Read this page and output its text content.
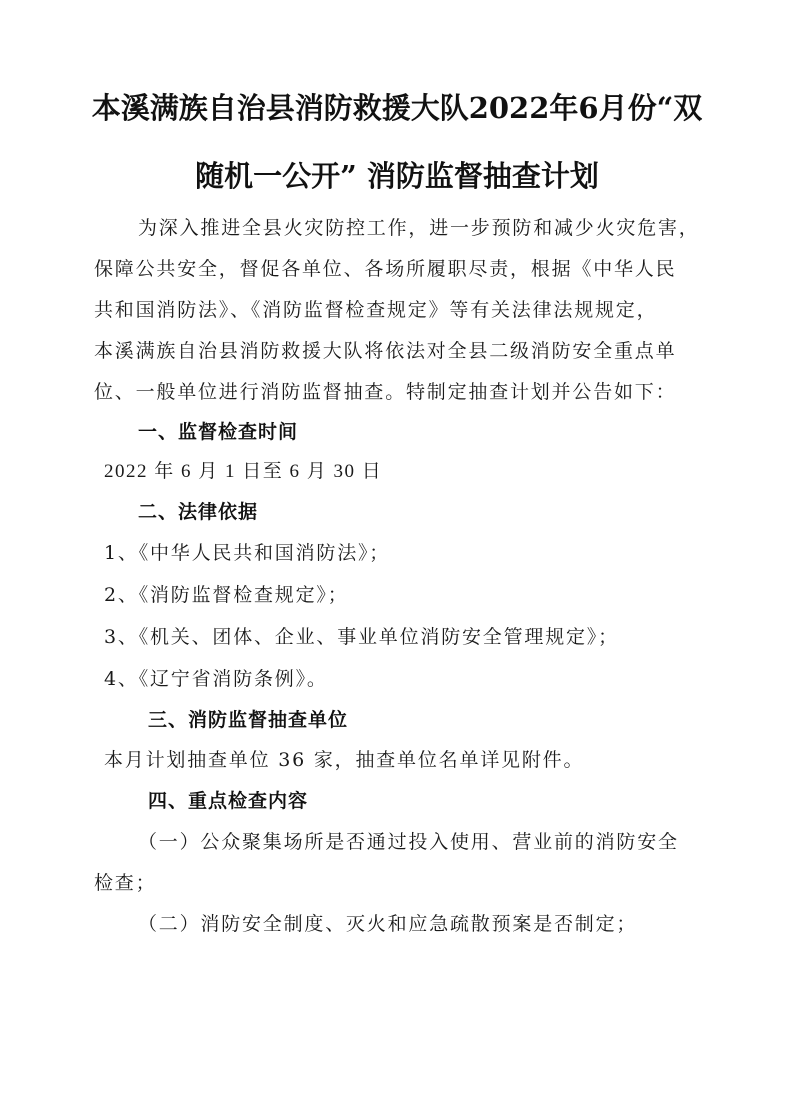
本溪满族自治县消防救援大队2022年6月份“双
随机一公开” 消防监督抽查计划
为深入推进全县火灾防控工作，进一步预防和减少火灾危害，
保障公共安全，督促各单位、各场所履职尽责，根据《中华人民
共和国消防法》、《消防监督检查规定》等有关法律法规规定，
本溪满族自治县消防救援大队将依法对全县二级消防安全重点单
位、一般单位进行消防监督抽查。特制定抽查计划并公告如下：
一、监督检查时间
2022 年 6 月 1 日至 6 月 30 日
二、法律依据
1、《中华人民共和国消防法》；
2、《消防监督检查规定》；
3、《机关、团体、企业、事业单位消防安全管理规定》；
4、《辽宁省消防条例》。
三、消防监督抽查单位
本月计划抽查单位 36 家，抽查单位名单详见附件。
四、重点检查内容
（一）公众聚集场所是否通过投入使用、营业前的消防安全
检查；
（二）消防安全制度、灭火和应急疏散预案是否制定；
